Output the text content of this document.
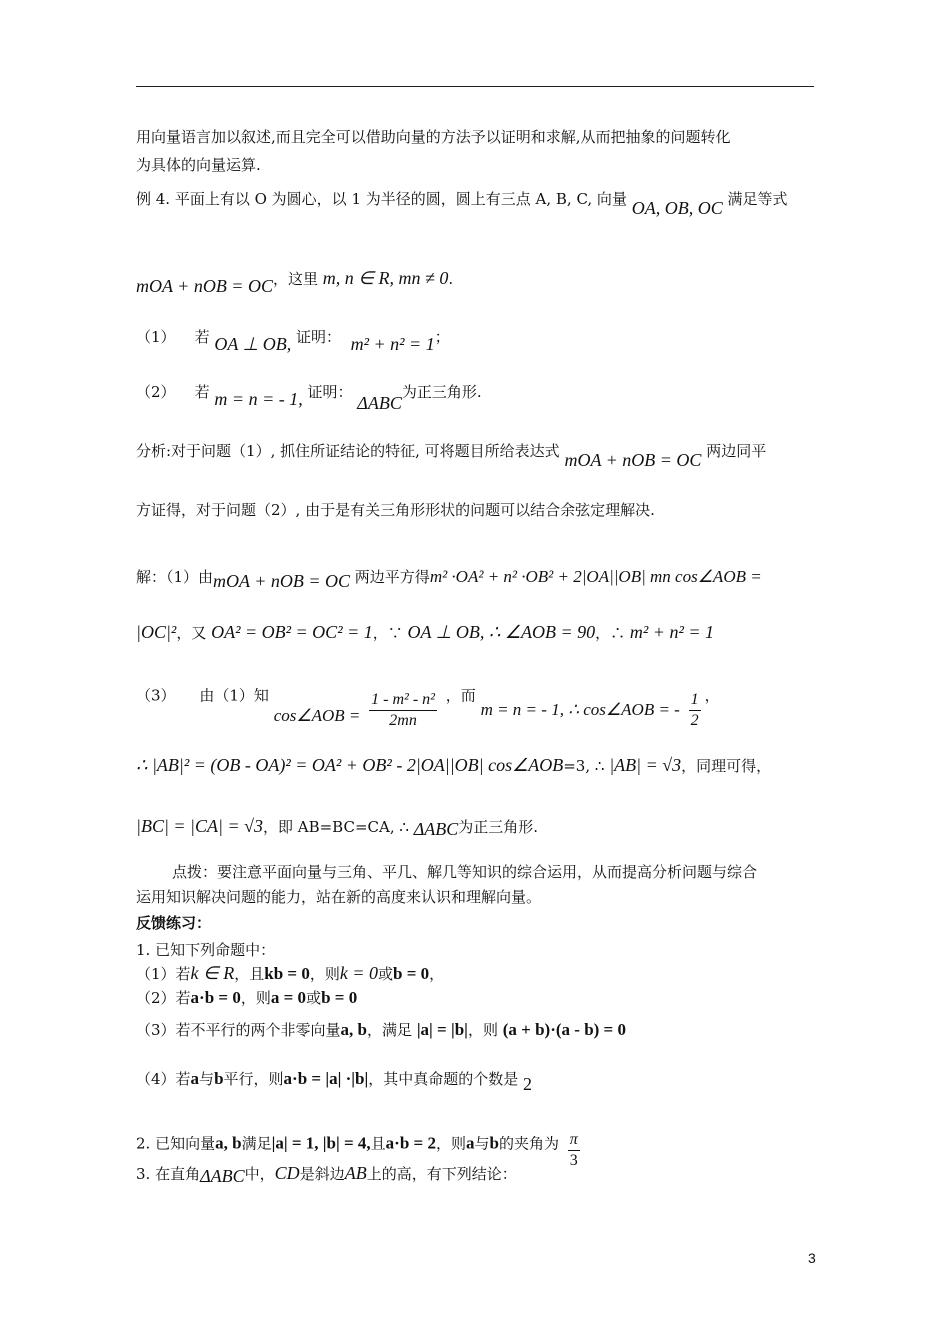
用向量语言加以叙述,而且完全可以借助向量的方法予以证明和求解,从而把抽象的问题转化
为具体的向量运算.
例 4. 平面上有以 O 为圆心，以 1 为半径的圆，圆上有三点 A, B, C, 向量 OA, OB, OC 满足等式
mOA + nOB = OC，这里 m, n ∈ R, mn ≠ 0.
（1） 若 OA ⊥ OB, 证明： m² + n² = 1；
（2） 若 m = n = - 1, 证明： ΔABC为正三角形.
分析:对于问题（1）, 抓住所证结论的特征, 可将题目所给表达式 mOA + nOB = OC 两边同平
方证得，对于问题（2）, 由于是有关三角形形状的问题可以结合余弦定理解决.
解：（1）由mOA + nOB = OC 两边平方得m² ·OA² + n² ·OB² + 2|OA||OB| mn cos∠AOB =
|OC|²，又 OA² = OB² = OC² = 1，∵ OA ⊥ OB, ∴ ∠AOB = 90，∴ m² + n² = 1
（3） 由（1）知 cos∠AOB = $\frac{\text{1 - m² - n²}}{2mn}$ ，而 m = n = - 1, ∴ cos∠AOB = - $\frac{1}{2}$ ，
∴ |AB|² = (OB - OA)² = OA² + OB² - 2|OA||OB| cos∠AOB=3, ∴ |AB| = √3，同理可得，
|BC| = |CA| = √3，即 AB=BC=CA, ∴ ΔABC为正三角形.
点拨：要注意平面向量与三角、平几、解几等知识的综合运用，从而提高分析问题与综合
运用知识解决问题的能力，站在新的高度来认识和理解向量。
反馈练习：
1. 已知下列命题中：
（1）若k ∈ R，且kb = 0，则k = 0或b = 0，
（2）若a·b = 0，则a = 0或b = 0
（3）若不平行的两个非零向量a, b，满足 |a| = |b|，则 (a + b)·(a - b) = 0
（4）若a与b平行，则a·b = |a| ·|b|，其中真命题的个数是 2
2. 已知向量a, b满足|a| = 1, |b| = 4,且a·b = 2，则a与b的夹角为 $\frac{\pi}{3}$
3. 在直角ΔABC中，CD是斜边AB上的高，有下列结论：
3
